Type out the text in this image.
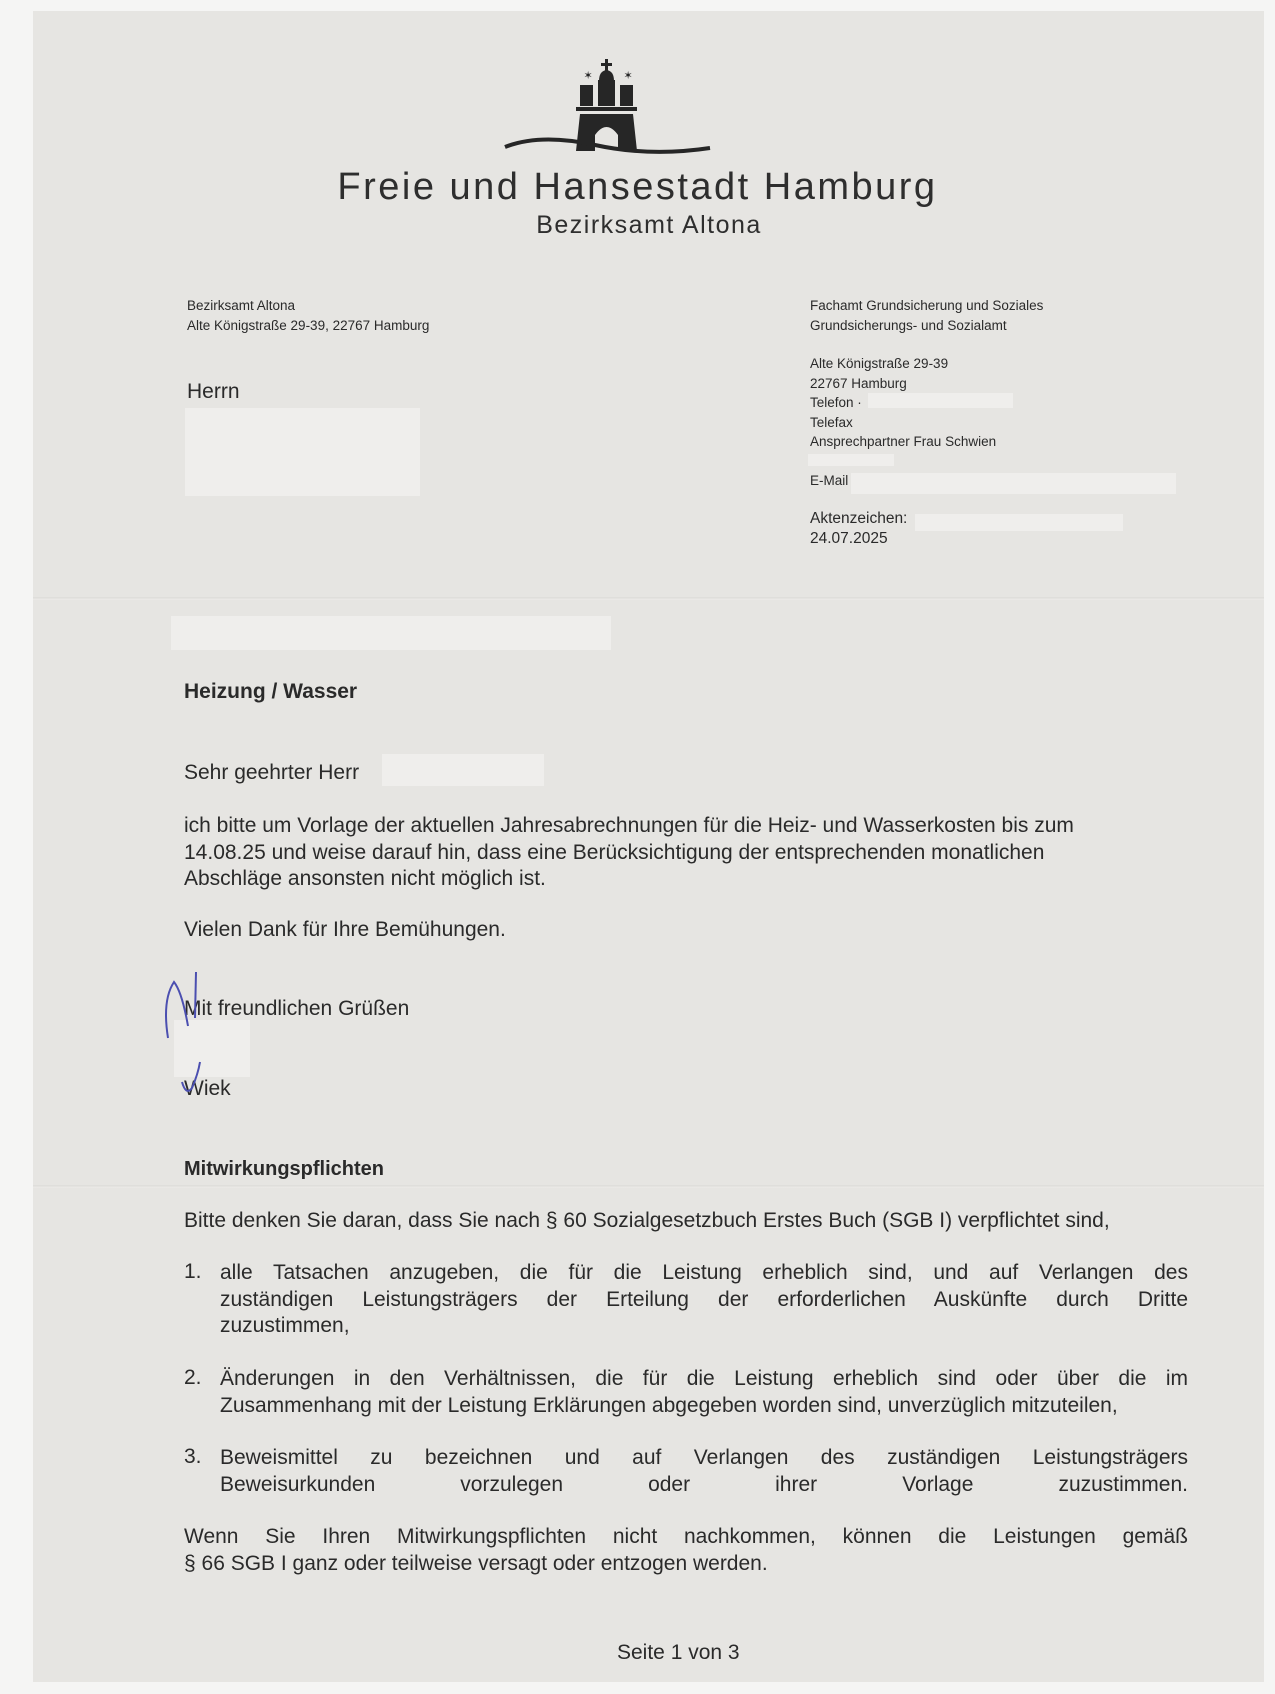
✶	✶
Freie und Hansestadt Hamburg
Bezirksamt Altona
Bezirksamt Altona
Alte Königstraße 29-39, 22767 Hamburg
Herrn
Fachamt Grundsicherung und Soziales
Grundsicherungs- und Sozialamt
Alte Königstraße 29-39
22767 Hamburg
Telefon ·
Telefax
Ansprechpartner Frau Schwien
E-Mail
Aktenzeichen:
24.07.2025
Heizung / Wasser
Sehr geehrter Herr
ich bitte um Vorlage der aktuellen Jahresabrechnungen für die Heiz- und Wasserkosten bis zum
14.08.25 und weise darauf hin, dass eine Berücksichtigung der entsprechenden monatlichen
Abschläge ansonsten nicht möglich ist.
Vielen Dank für Ihre Bemühungen.
Mit freundlichen Grüßen
Wiek
Mitwirkungspflichten
Bitte denken Sie daran, dass Sie nach § 60 Sozialgesetzbuch Erstes Buch (SGB I) verpflichtet sind,
1. alle Tatsachen anzugeben, die für die Leistung erheblich sind, und auf Verlangen des
zuständigen Leistungsträgers der Erteilung der erforderlichen Auskünfte durch Dritte
zuzustimmen,
2. Änderungen in den Verhältnissen, die für die Leistung erheblich sind oder über die im
Zusammenhang mit der Leistung Erklärungen abgegeben worden sind, unverzüglich mitzuteilen,
3. Beweismittel zu bezeichnen und auf Verlangen des zuständigen Leistungsträgers
Beweisurkunden vorzulegen oder ihrer Vorlage zuzustimmen.
Wenn Sie Ihren Mitwirkungspflichten nicht nachkommen, können die Leistungen gemäß
§ 66 SGB I ganz oder teilweise versagt oder entzogen werden.
Seite 1 von 3
